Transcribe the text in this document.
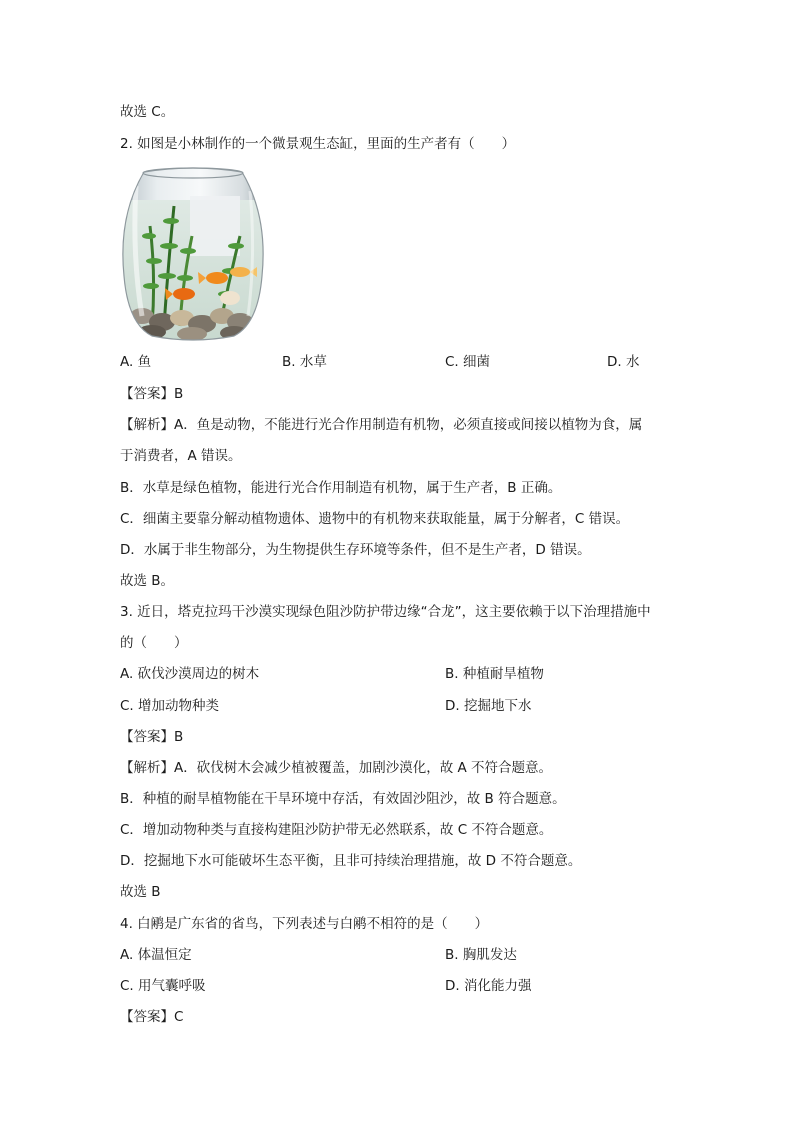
故选 C。
2. 如图是小林制作的一个微景观生态缸，里面的生产者有（　　）
A. 鱼	B. 水草	C. 细菌	D. 水
【答案】B
【解析】A．鱼是动物，不能进行光合作用制造有机物，必须直接或间接以植物为食，属
于消费者，A 错误。
B．水草是绿色植物，能进行光合作用制造有机物，属于生产者，B 正确。
C．细菌主要靠分解动植物遗体、遗物中的有机物来获取能量，属于分解者，C 错误。
D．水属于非生物部分，为生物提供生存环境等条件，但不是生产者，D 错误。
故选 B。
3. 近日，塔克拉玛干沙漠实现绿色阻沙防护带边缘“合龙”，这主要依赖于以下治理措施中
的（　　）
A. 砍伐沙漠周边的树木	B. 种植耐旱植物
C. 增加动物种类	D. 挖掘地下水
【答案】B
【解析】A．砍伐树木会减少植被覆盖，加剧沙漠化，故 A 不符合题意。
B．种植的耐旱植物能在干旱环境中存活，有效固沙阻沙，故 B 符合题意。
C．增加动物种类与直接构建阻沙防护带无必然联系，故 C 不符合题意。
D．挖掘地下水可能破坏生态平衡，且非可持续治理措施，故 D 不符合题意。
故选 B
4. 白鹇是广东省的省鸟，下列表述与白鹇不相符的是（　　）
A. 体温恒定	B. 胸肌发达
C. 用气囊呼吸	D. 消化能力强
【答案】C
